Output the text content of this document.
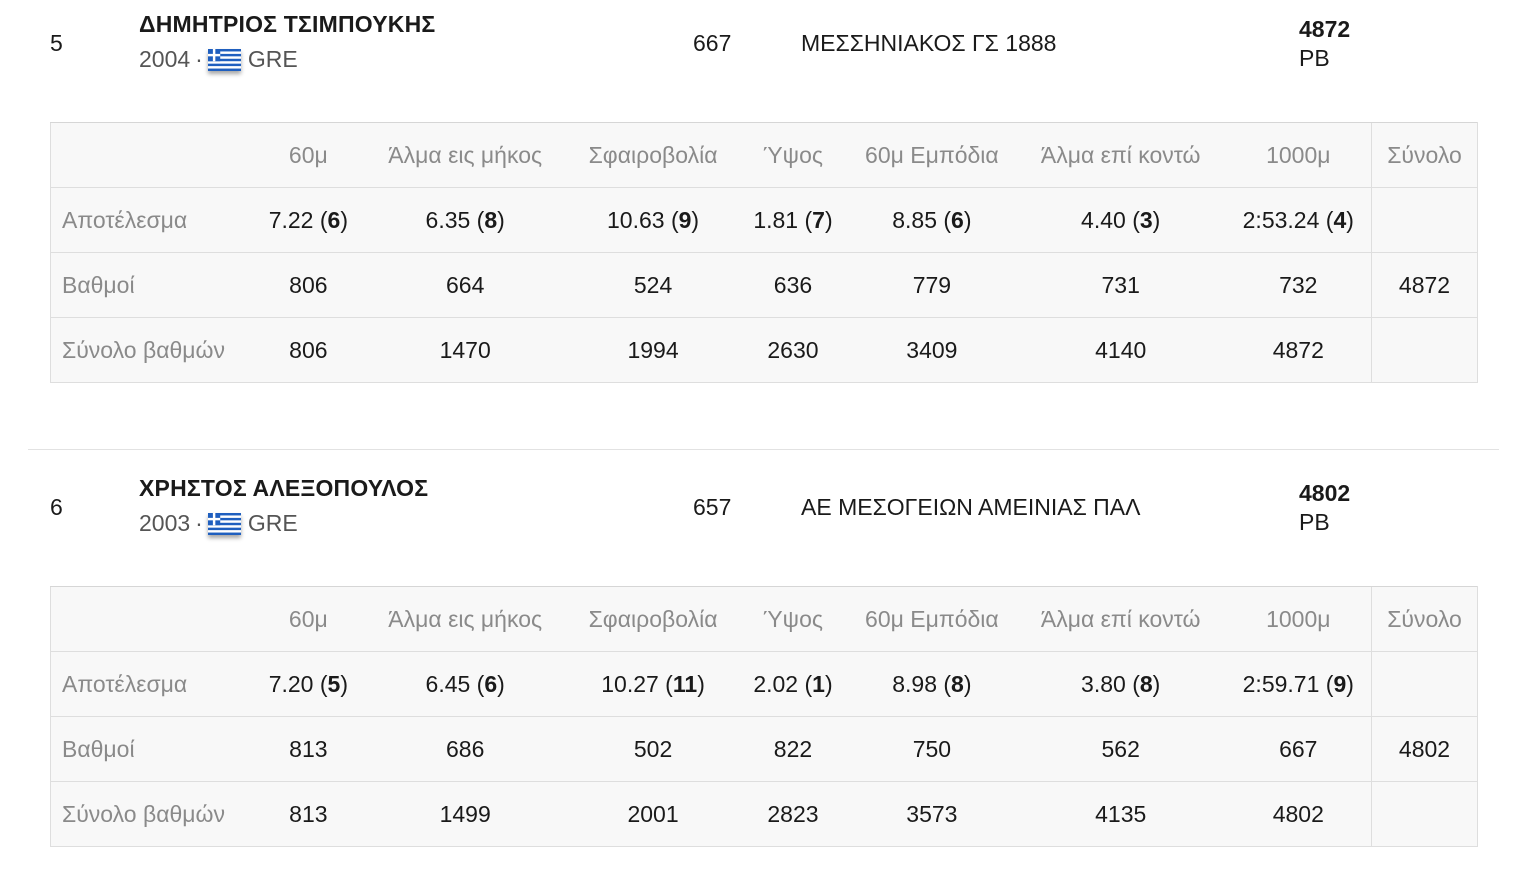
5
ΔΗΜΗΤΡΙΟΣ ΤΣΙΜΠΟΥΚΗΣ
2004 · GRE
667	ΜΕΣΣΗΝΙΑΚΟΣ ΓΣ 1888
4872
PB
	60μ	Άλμα εις μήκος	Σφαιροβολία	Ύψος	60μ Εμπόδια	Άλμα επί κοντώ	1000μ	Σύνολο
Αποτέλεσμα	7.22 (6)	6.35 (8)	10.63 (9)	1.81 (7)	8.85 (6)	4.40 (3)	2:53.24 (4)	
Βαθμοί	806	664	524	636	779	731	732	4872
Σύνολο βαθμών	806	1470	1994	2630	3409	4140	4872	
6
ΧΡΗΣΤΟΣ ΑΛΕΞΟΠΟΥΛΟΣ
2003 · GRE
657	ΑΕ ΜΕΣΟΓΕΙΩΝ ΑΜΕΙΝΙΑΣ ΠΑΛ
4802
PB
	60μ	Άλμα εις μήκος	Σφαιροβολία	Ύψος	60μ Εμπόδια	Άλμα επί κοντώ	1000μ	Σύνολο
Αποτέλεσμα	7.20 (5)	6.45 (6)	10.27 (11)	2.02 (1)	8.98 (8)	3.80 (8)	2:59.71 (9)	
Βαθμοί	813	686	502	822	750	562	667	4802
Σύνολο βαθμών	813	1499	2001	2823	3573	4135	4802	
